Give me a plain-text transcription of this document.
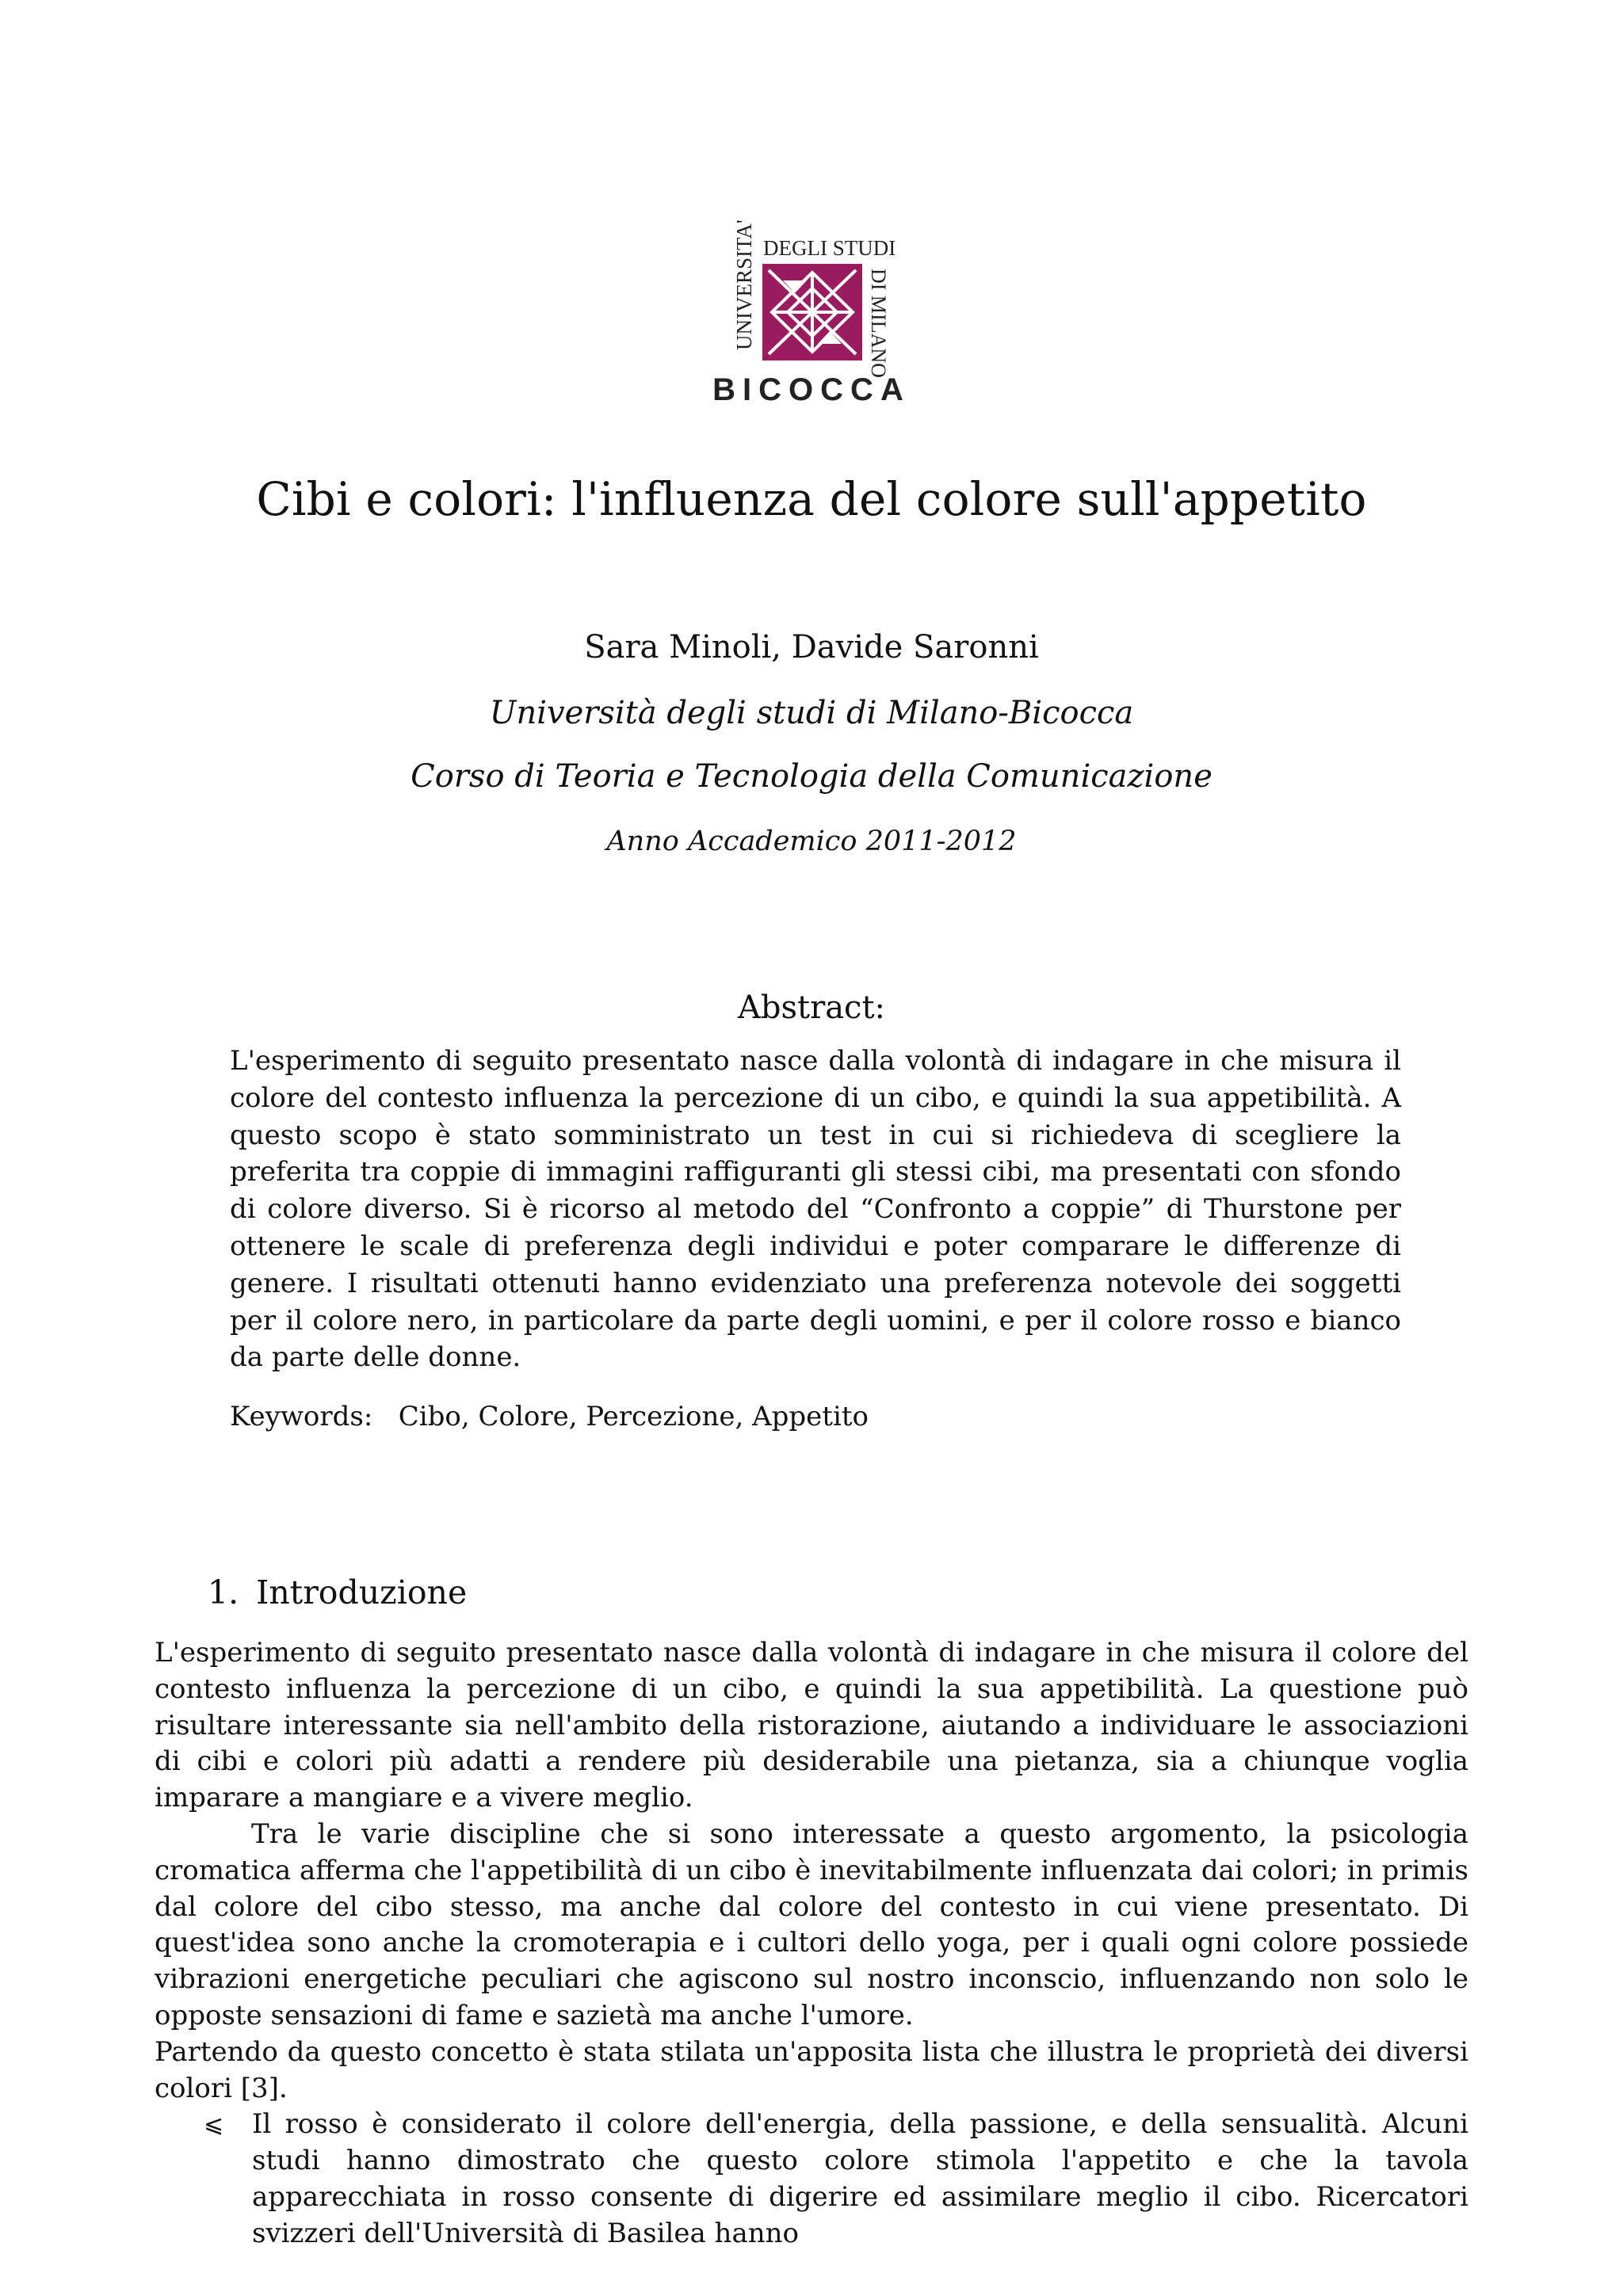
UNIVERSITA' DEGLI STUDI
DI MILANO
BICOCCA
Cibi e colori: l'influenza del colore sull'appetito
Sara Minoli, Davide Saronni
Università degli studi di Milano-Bicocca
Corso di Teoria e Tecnologia della Comunicazione
Anno Accademico 2011-2012
Abstract:
L'esperimento di seguito presentato nasce dalla volontà di indagare in che misura il colore del contesto influenza la percezione di un cibo, e quindi la sua appetibilità. A questo scopo è stato somministrato un test in cui si richiedeva di scegliere la preferita tra coppie di immagini raffiguranti gli stessi cibi, ma presentati con sfondo di colore diverso. Si è ricorso al metodo del “Confronto a coppie” di Thurstone per ottenere le scale di preferenza degli individui e poter comparare le differenze di genere. I risultati ottenuti hanno evidenziato una preferenza notevole dei soggetti per il colore nero, in particolare da parte degli uomini, e per il colore rosso e bianco da parte delle donne.
Keywords: Cibo, Colore, Percezione, Appetito
1. Introduzione

L'esperimento di seguito presentato nasce dalla volontà di indagare in che misura il colore del contesto influenza la percezione di un cibo, e quindi la sua appetibilità. La questione può risultare interessante sia nell'ambito della ristorazione, aiutando a individuare le associazioni di cibi e colori più adatti a rendere più desiderabile una pietanza, sia a chiunque voglia imparare a mangiare e a vivere meglio.

Tra le varie discipline che si sono interessate a questo argomento, la psicologia cromatica afferma che l'appetibilità di un cibo è inevitabilmente influenzata dai colori; in primis dal colore del cibo stesso, ma anche dal colore del contesto in cui viene presentato. Di quest'idea sono anche la cromoterapia e i cultori dello yoga, per i quali ogni colore possiede vibrazioni energetiche peculiari che agiscono sul nostro inconscio, influenzando non solo le opposte sensazioni di fame e sazietà ma anche l'umore.

Partendo da questo concetto è stata stilata un'apposita lista che illustra le proprietà dei diversi colori [3].

⩽ Il rosso è considerato il colore dell'energia, della passione, e della sensualità. Alcuni studi hanno dimostrato che questo colore stimola l'appetito e che la tavola apparecchiata in rosso consente di digerire ed assimilare meglio il cibo. Ricercatori svizzeri dell'Università di Basilea hanno
